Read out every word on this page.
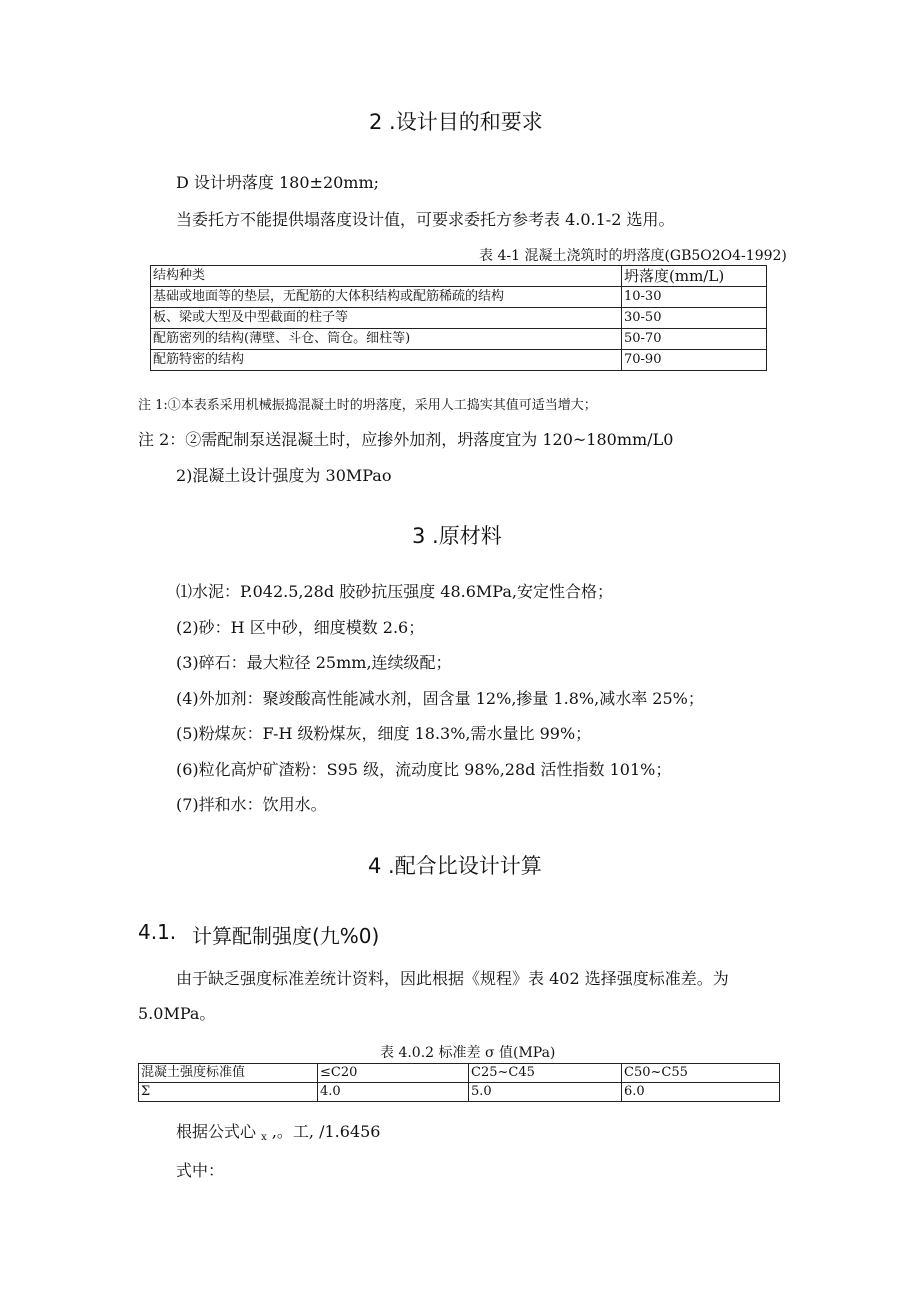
2 .设计目的和要求
D 设计坍落度 180±20mm;
当委托方不能提供塌落度设计值，可要求委托方参考表 4.0.1-2 选用。
表 4-1 混凝土浇筑时的坍落度(GB5O2O4-1992)
结构种类	坍落度(mm∕L)
基础或地面等的垫层，无配筋的大体积结构或配筋稀疏的结构	10-30
板、梁或大型及中型截面的柱子等	30-50
配筋密列的结构(薄壁、斗仓、筒仓。细柱等)	50-70
配筋特密的结构	70-90
注 1:①本表系采用机械振捣混凝土时的坍落度，采用人工捣实其值可适当增大；
注 2：②需配制泵送混凝土时，应掺外加剂，坍落度宜为 120~180mm∕L0
2)混凝土设计强度为 30MPao
3 .原材料
⑴水泥：P.042.5,28d 胶砂抗压强度 48.6MPa,安定性合格；
(2)砂：H 区中砂，细度模数 2.6；
(3)碎石：最大粒径 25mm,连续级配；
(4)外加剂：聚竣酸高性能减水剂，固含量 12%,掺量 1.8%,减水率 25%；
(5)粉煤灰：F-H 级粉煤灰，细度 18.3%,需水量比 99%；
(6)粒化高炉矿渣粉：S95 级，流动度比 98%,28d 活性指数 101%；
(7)拌和水：饮用水。
4 .配合比设计计算
4.1. 计算配制强度(九%0)
由于缺乏强度标准差统计资料，因此根据《规程》表 402 选择强度标准差。为
5.0MPa。
表 4.0.2 标准差 σ 值(MPa)
混凝土强度标准值	≤C20	C25~C45	C50~C55
Σ	4.0	5.0	6.0
根据公式心 x ,。工, /1.6456
式中：
